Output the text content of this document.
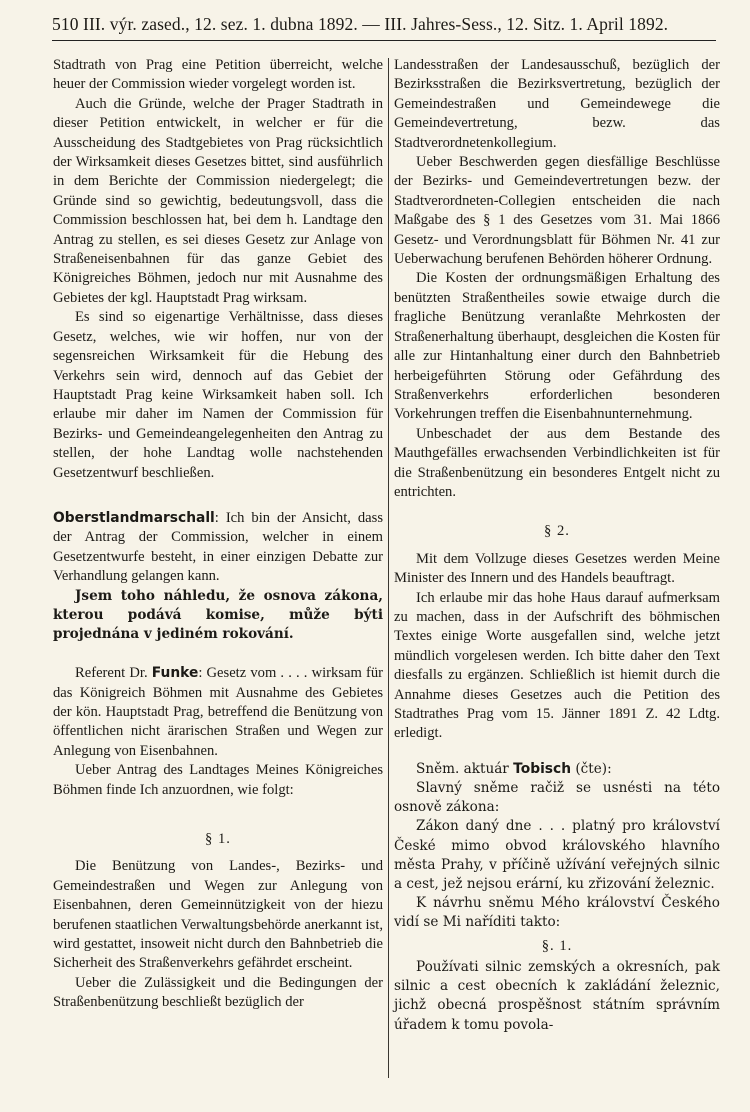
510 III. výr. zased., 12. sez. 1. dubna 1892. — III. Jahres-Sess., 12. Sitz. 1. April 1892.

Stadtrath von Prag eine Petition überreicht, welche heuer der Commission wieder vorgelegt worden ist.

Auch die Gründe, welche der Prager Stadtrath in dieser Petition entwickelt, in welcher er für die Ausscheidung des Stadtgebietes von Prag rücksichtlich der Wirksamkeit dieses Gesetzes bittet, sind ausführlich in dem Berichte der Commission niedergelegt; die Gründe sind so gewichtig, bedeutungsvoll, dass die Commission beschlossen hat, bei dem h. Landtage den Antrag zu stellen, es sei dieses Gesetz zur Anlage von Straßeneisenbahnen für das ganze Gebiet des Königreiches Böhmen, jedoch nur mit Ausnahme des Gebietes der kgl. Hauptstadt Prag wirksam.

Es sind so eigenartige Verhältnisse, dass dieses Gesetz, welches, wie wir hoffen, nur von der segensreichen Wirksamkeit für die Hebung des Verkehrs sein wird, dennoch auf das Gebiet der Hauptstadt Prag keine Wirksamkeit haben soll. Ich erlaube mir daher im Namen der Commission für Bezirks- und Gemeindeangelegenheiten den Antrag zu stellen, der hohe Landtag wolle nachstehenden Gesetzentwurf beschließen.

Oberstlandmarschall: Ich bin der Ansicht, dass der Antrag der Commission, welcher in einem Gesetzentwurfe besteht, in einer einzigen Debatte zur Verhandlung gelangen kann.

Jsem toho náhledu, že osnova zákona, kterou podává komise, může býti projednána v jediném rokování.

Referent Dr. Funke: Gesetz vom . . . . wirksam für das Königreich Böhmen mit Ausnahme des Gebietes der kön. Hauptstadt Prag, betreffend die Benützung von öffentlichen nicht ärarischen Straßen und Wegen zur Anlegung von Eisenbahnen.

Ueber Antrag des Landtages Meines Königreiches Böhmen finde Ich anzuordnen, wie folgt:

§ 1.

Die Benützung von Landes-, Bezirks- und Gemeindestraßen und Wegen zur Anlegung von Eisenbahnen, deren Gemeinnützigkeit von der hiezu berufenen staatlichen Verwaltungsbehörde anerkannt ist, wird gestattet, insoweit nicht durch den Bahnbetrieb die Sicherheit des Straßenverkehrs gefährdet erscheint.

Ueber die Zulässigkeit und die Bedingungen der Straßenbenützung beschließt bezüglich der

Landesstraßen der Landesausschuß, bezüglich der Bezirksstraßen die Bezirksvertretung, bezüglich der Gemeindestraßen und Gemeindewege die Gemeindevertretung, bezw. das Stadtverordnetenkollegium.

Ueber Beschwerden gegen diesfällige Beschlüsse der Bezirks- und Gemeindevertretungen bezw. der Stadtverordneten-Collegien entscheiden die nach Maßgabe des § 1 des Gesetzes vom 31. Mai 1866 Gesetz- und Verordnungsblatt für Böhmen Nr. 41 zur Ueberwachung berufenen Behörden höherer Ordnung.

Die Kosten der ordnungsmäßigen Erhaltung des benützten Straßentheiles sowie etwaige durch die fragliche Benützung veranlaßte Mehrkosten der Straßenerhaltung überhaupt, desgleichen die Kosten für alle zur Hintanhaltung einer durch den Bahnbetrieb herbeigeführten Störung oder Gefährdung des Straßenverkehrs erforderlichen besonderen Vorkehrungen treffen die Eisenbahnunternehmung.

Unbeschadet der aus dem Bestande des Mauthgefälles erwachsenden Verbindlichkeiten ist für die Straßenbenützung ein besonderes Entgelt nicht zu entrichten.

§ 2.

Mit dem Vollzuge dieses Gesetzes werden Meine Minister des Innern und des Handels beauftragt.

Ich erlaube mir das hohe Haus darauf aufmerksam zu machen, dass in der Aufschrift des böhmischen Textes einige Worte ausgefallen sind, welche jetzt mündlich vorgelesen werden. Ich bitte daher den Text diesfalls zu ergänzen. Schließlich ist hiemit durch die Annahme dieses Gesetzes auch die Petition des Stadtrathes Prag vom 15. Jänner 1891 Z. 42 Ldtg. erledigt.

Sněm. aktuár Tobisch (čte):

Slavný sněme račiž se usnésti na této osnově zákona:

Zákon daný dne . . . platný pro království České mimo obvod královského hlavního města Prahy, v příčině užívání veřejných silnic a cest, jež nejsou erární, ku zřizování železnic.

K návrhu sněmu Mého království Českého vidí se Mi naříditi takto:

§. 1.

Používati silnic zemských a okresních, pak silnic a cest obecních k zakládání železnic, jichž obecná prospěšnost státním správním úřadem k tomu povola-
